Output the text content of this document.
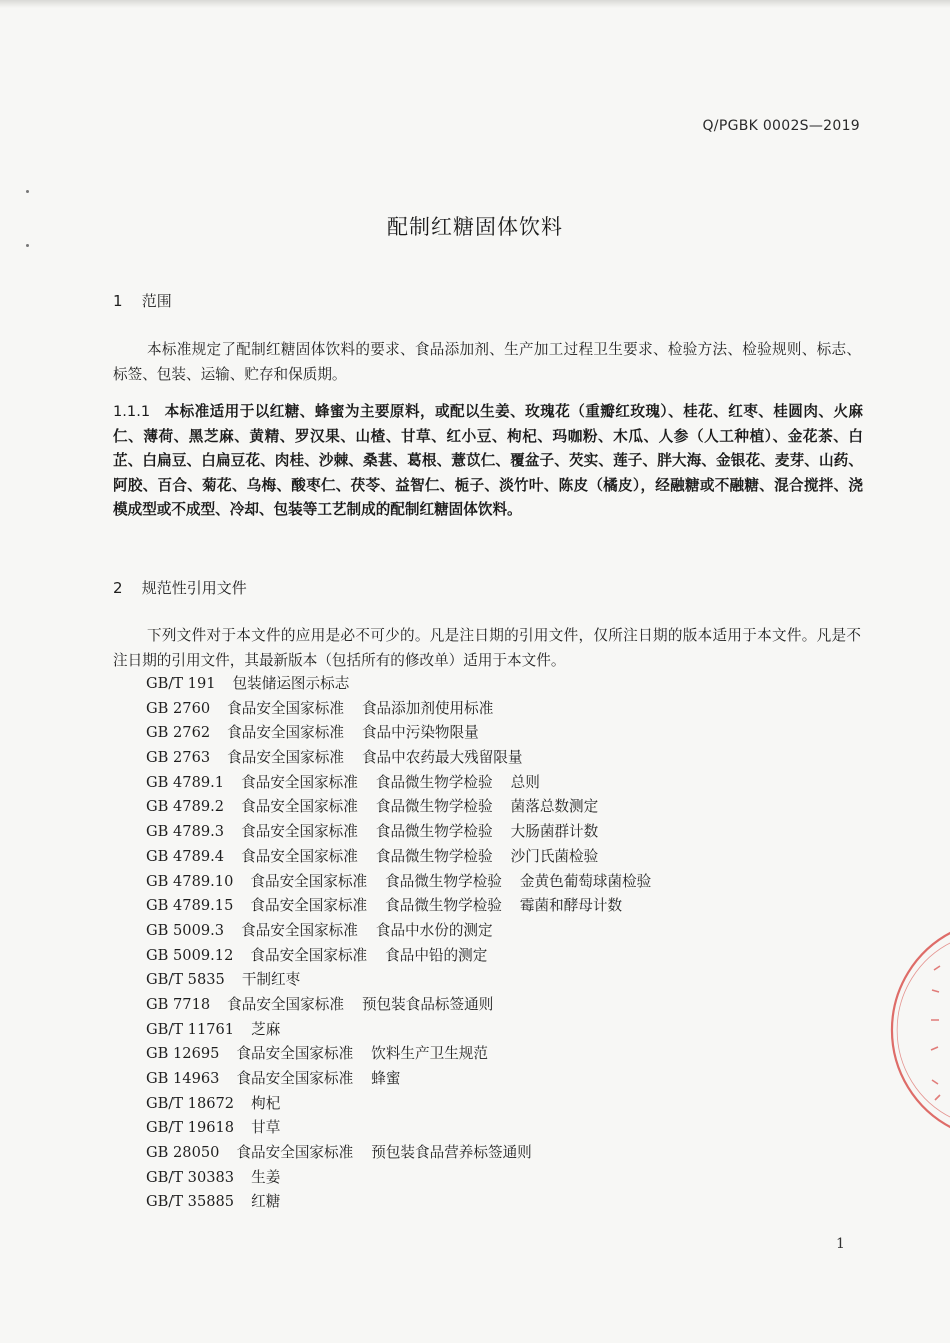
Q/PGBK 0002S—2019
配制红糖固体饮料
1 范围
本标准规定了配制红糖固体饮料的要求、食品添加剂、生产加工过程卫生要求、检验方法、检验规则、标志、标签、包装、运输、贮存和保质期。
1.1.1 本标准适用于以红糖、蜂蜜为主要原料，或配以生姜、玫瑰花（重瓣红玫瑰）、桂花、红枣、桂圆肉、火麻仁、薄荷、黑芝麻、黄精、罗汉果、山楂、甘草、红小豆、枸杞、玛咖粉、木瓜、人参（人工种植）、金花茶、白芷、白扁豆、白扁豆花、肉桂、沙棘、桑葚、葛根、薏苡仁、覆盆子、芡实、莲子、胖大海、金银花、麦芽、山药、阿胶、百合、菊花、乌梅、酸枣仁、茯苓、益智仁、栀子、淡竹叶、陈皮（橘皮），经融糖或不融糖、混合搅拌、浇模成型或不成型、冷却、包装等工艺制成的配制红糖固体饮料。
2 规范性引用文件
下列文件对于本文件的应用是必不可少的。凡是注日期的引用文件，仅所注日期的版本适用于本文件。凡是不注日期的引用文件，其最新版本（包括所有的修改单）适用于本文件。
GB/T 191 包装储运图示标志
GB 2760 食品安全国家标准 食品添加剂使用标准
GB 2762 食品安全国家标准 食品中污染物限量
GB 2763 食品安全国家标准 食品中农药最大残留限量
GB 4789.1 食品安全国家标准 食品微生物学检验 总则
GB 4789.2 食品安全国家标准 食品微生物学检验 菌落总数测定
GB 4789.3 食品安全国家标准 食品微生物学检验 大肠菌群计数
GB 4789.4 食品安全国家标准 食品微生物学检验 沙门氏菌检验
GB 4789.10 食品安全国家标准 食品微生物学检验 金黄色葡萄球菌检验
GB 4789.15 食品安全国家标准 食品微生物学检验 霉菌和酵母计数
GB 5009.3 食品安全国家标准 食品中水份的测定
GB 5009.12 食品安全国家标准 食品中铅的测定
GB/T 5835 干制红枣
GB 7718 食品安全国家标准 预包装食品标签通则
GB/T 11761 芝麻
GB 12695 食品安全国家标准 饮料生产卫生规范
GB 14963 食品安全国家标准 蜂蜜
GB/T 18672 枸杞
GB/T 19618 甘草
GB 28050 食品安全国家标准 预包装食品营养标签通则
GB/T 30383 生姜
GB/T 35885 红糖
1
